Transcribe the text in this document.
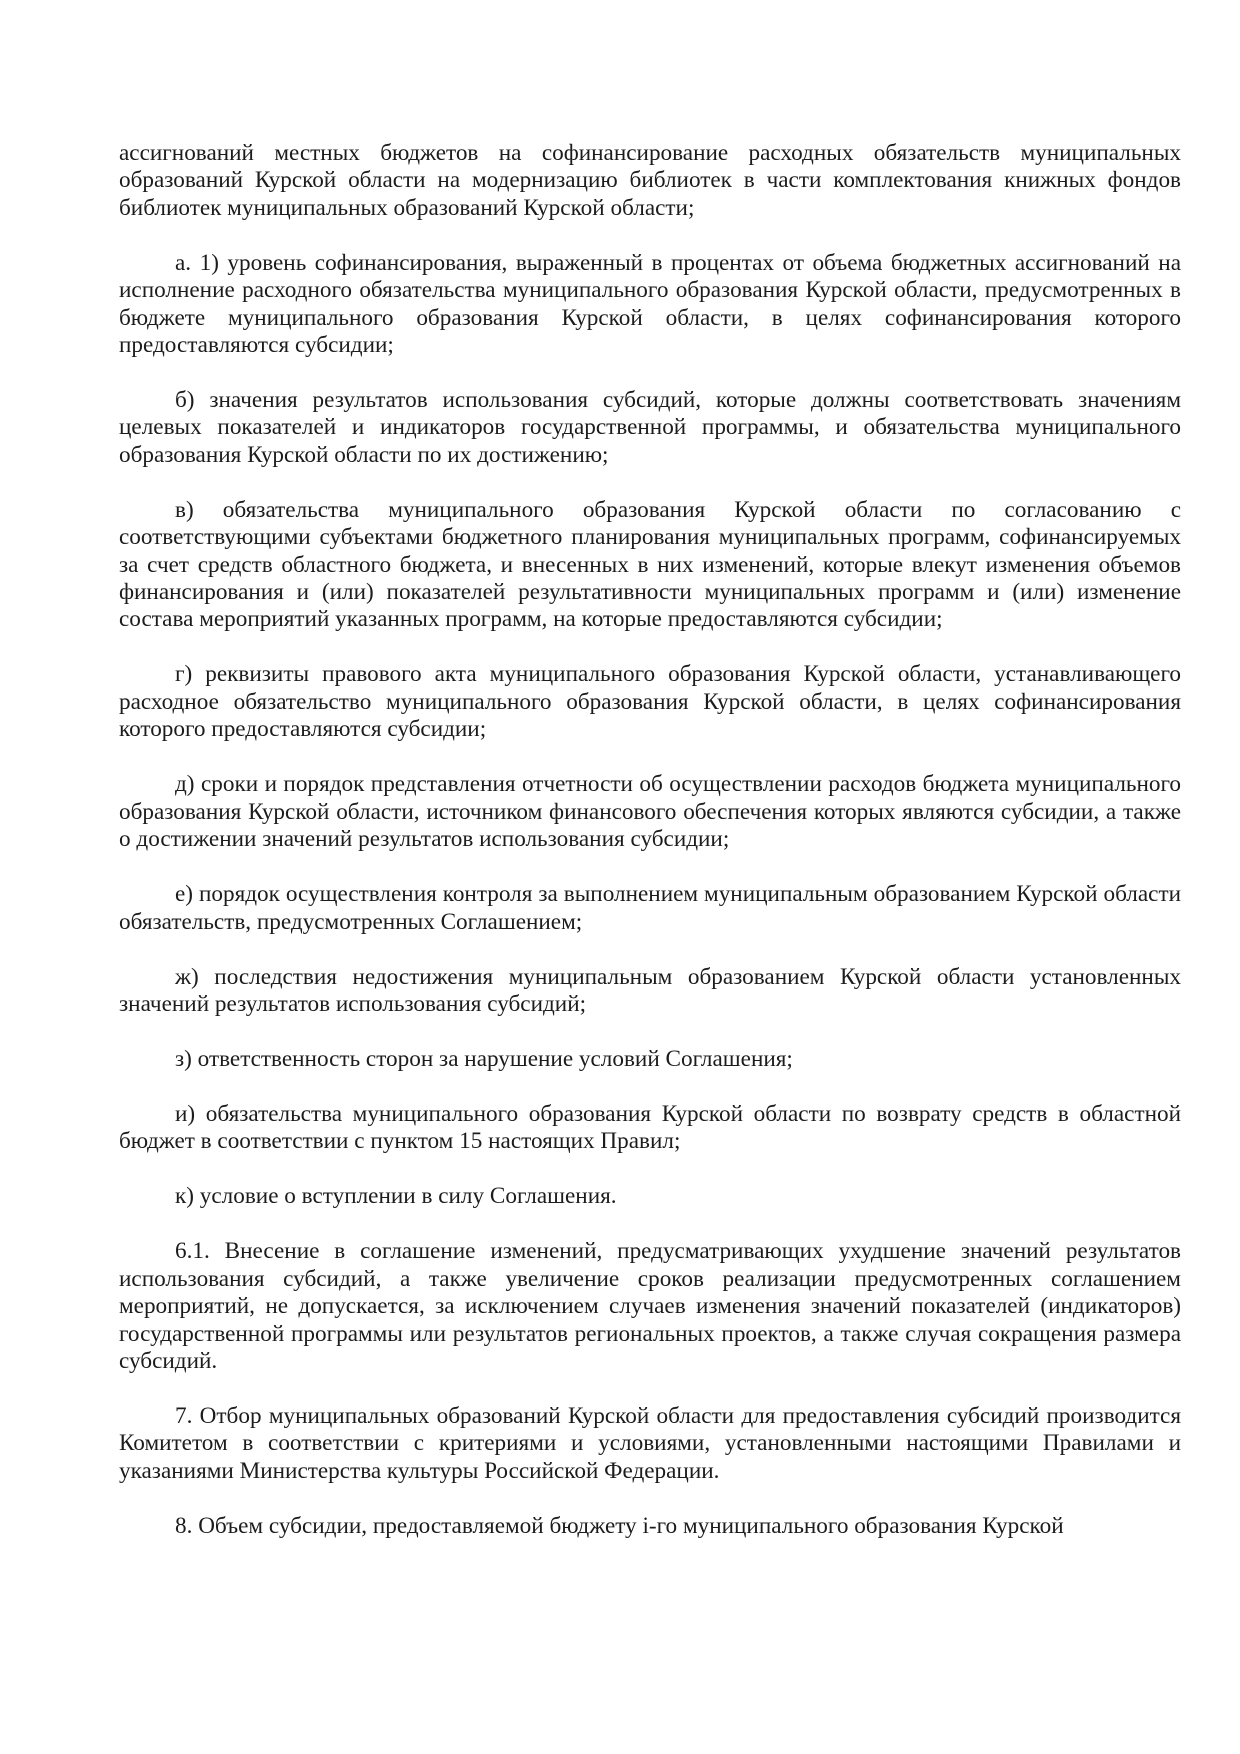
ассигнований местных бюджетов на софинансирование расходных обязательств муниципальных образований Курской области на модернизацию библиотек в части комплектования книжных фондов библиотек муниципальных образований Курской области;

а. 1) уровень софинансирования, выраженный в процентах от объема бюджетных ассигнований на исполнение расходного обязательства муниципального образования Курской области, предусмотренных в бюджете муниципального образования Курской области, в целях софинансирования которого предоставляются субсидии;

б) значения результатов использования субсидий, которые должны соответствовать значениям целевых показателей и индикаторов государственной программы, и обязательства муниципального образования Курской области по их достижению;

в) обязательства муниципального образования Курской области по согласованию с соответствующими субъектами бюджетного планирования муниципальных программ, софинансируемых за счет средств областного бюджета, и внесенных в них изменений, которые влекут изменения объемов финансирования и (или) показателей результативности муниципальных программ и (или) изменение состава мероприятий указанных программ, на которые предоставляются субсидии;

г) реквизиты правового акта муниципального образования Курской области, устанавливающего расходное обязательство муниципального образования Курской области, в целях софинансирования которого предоставляются субсидии;

д) сроки и порядок представления отчетности об осуществлении расходов бюджета муниципального образования Курской области, источником финансового обеспечения которых являются субсидии, а также о достижении значений результатов использования субсидии;

е) порядок осуществления контроля за выполнением муниципальным образованием Курской области обязательств, предусмотренных Соглашением;

ж) последствия недостижения муниципальным образованием Курской области установленных значений результатов использования субсидий;

з) ответственность сторон за нарушение условий Соглашения;

и) обязательства муниципального образования Курской области по возврату средств в областной бюджет в соответствии с пунктом 15 настоящих Правил;

к) условие о вступлении в силу Соглашения.

6.1. Внесение в соглашение изменений, предусматривающих ухудшение значений результатов использования субсидий, а также увеличение сроков реализации предусмотренных соглашением мероприятий, не допускается, за исключением случаев изменения значений показателей (индикаторов) государственной программы или результатов региональных проектов, а также случая сокращения размера субсидий.

7. Отбор муниципальных образований Курской области для предоставления субсидий производится Комитетом в соответствии с критериями и условиями, установленными настоящими Правилами и указаниями Министерства культуры Российской Федерации.

8. Объем субсидии, предоставляемой бюджету i-го муниципального образования Курской
